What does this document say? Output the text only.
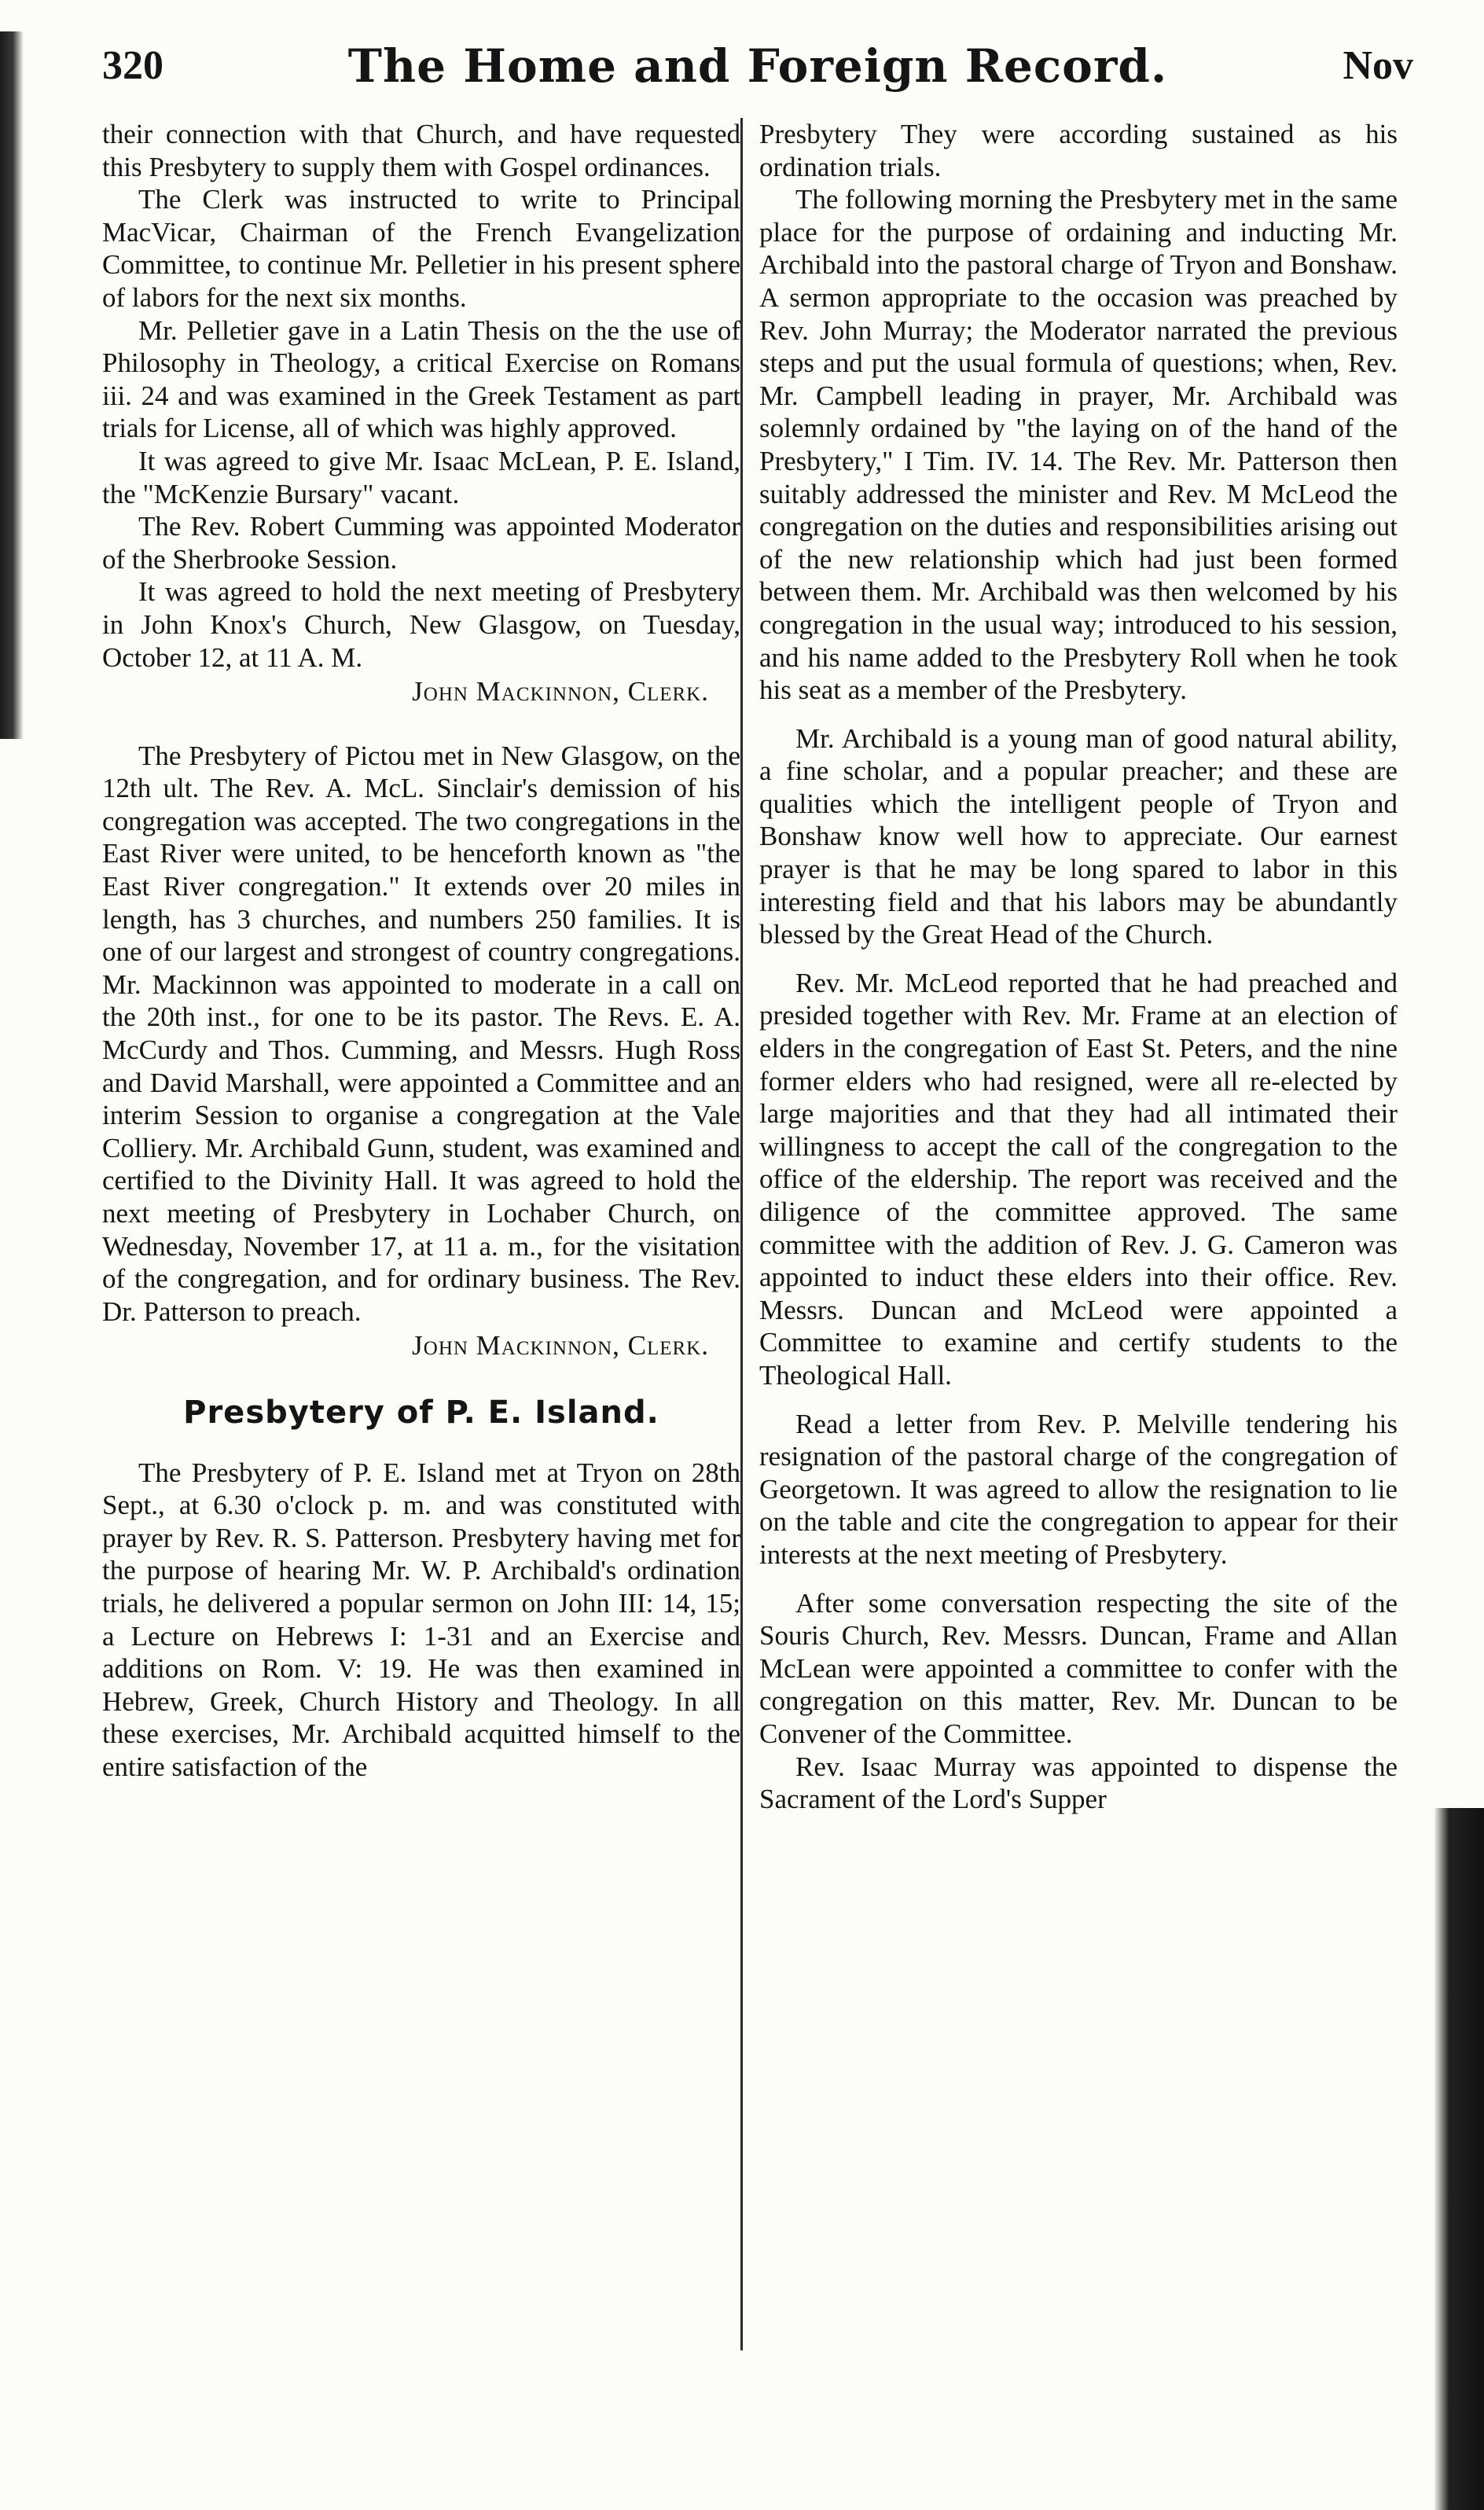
320	The Home and Foreign Record.	Nov

their connection with that Church, and have requested this Presbytery to supply them with Gospel ordinances.

The Clerk was instructed to write to Principal MacVicar, Chairman of the French Evangelization Committee, to continue Mr. Pelletier in his present sphere of labors for the next six months.

Mr. Pelletier gave in a Latin Thesis on the the use of Philosophy in Theology, a critical Exercise on Romans iii. 24 and was examined in the Greek Testament as part trials for License, all of which was highly approved.

It was agreed to give Mr. Isaac McLean, P. E. Island, the "McKenzie Bursary" vacant.

The Rev. Robert Cumming was appointed Moderator of the Sherbrooke Session.

It was agreed to hold the next meeting of Presbytery in John Knox's Church, New Glasgow, on Tuesday, October 12, at 11 A. M.

John Mackinnon, Clerk.

The Presbytery of Pictou met in New Glasgow, on the 12th ult. The Rev. A. McL. Sinclair's demission of his congregation was accepted. The two congregations in the East River were united, to be henceforth known as "the East River congregation." It extends over 20 miles in length, has 3 churches, and numbers 250 families. It is one of our largest and strongest of country congregations. Mr. Mackinnon was appointed to moderate in a call on the 20th inst., for one to be its pastor. The Revs. E. A. McCurdy and Thos. Cumming, and Messrs. Hugh Ross and David Marshall, were appointed a Committee and an interim Session to organise a congregation at the Vale Colliery. Mr. Archibald Gunn, student, was examined and certified to the Divinity Hall. It was agreed to hold the next meeting of Presbytery in Lochaber Church, on Wednesday, November 17, at 11 a. m., for the visitation of the congregation, and for ordinary business. The Rev. Dr. Patterson to preach.

John Mackinnon, Clerk.

Presbytery of P. E. Island.

The Presbytery of P. E. Island met at Tryon on 28th Sept., at 6.30 o'clock p. m. and was constituted with prayer by Rev. R. S. Patterson. Presbytery having met for the purpose of hearing Mr. W. P. Archibald's ordination trials, he delivered a popular sermon on John III: 14, 15; a Lecture on Hebrews I: 1-31 and an Exercise and additions on Rom. V: 19. He was then examined in Hebrew, Greek, Church History and Theology. In all these exercises, Mr. Archibald acquitted himself to the entire satisfaction of the

Presbytery They were according sustained as his ordination trials.

The following morning the Presbytery met in the same place for the purpose of ordaining and inducting Mr. Archibald into the pastoral charge of Tryon and Bonshaw. A sermon appropriate to the occasion was preached by Rev. John Murray; the Moderator narrated the previous steps and put the usual formula of questions; when, Rev. Mr. Campbell leading in prayer, Mr. Archibald was solemnly ordained by "the laying on of the hand of the Presbytery," I Tim. IV. 14. The Rev. Mr. Patterson then suitably addressed the minister and Rev. M McLeod the congregation on the duties and responsibilities arising out of the new relationship which had just been formed between them. Mr. Archibald was then welcomed by his congregation in the usual way; introduced to his session, and his name added to the Presbytery Roll when he took his seat as a member of the Presbytery.

Mr. Archibald is a young man of good natural ability, a fine scholar, and a popular preacher; and these are qualities which the intelligent people of Tryon and Bonshaw know well how to appreciate. Our earnest prayer is that he may be long spared to labor in this interesting field and that his labors may be abundantly blessed by the Great Head of the Church.

Rev. Mr. McLeod reported that he had preached and presided together with Rev. Mr. Frame at an election of elders in the congregation of East St. Peters, and the nine former elders who had resigned, were all re-elected by large majorities and that they had all intimated their willingness to accept the call of the congregation to the office of the eldership. The report was received and the diligence of the committee approved. The same committee with the addition of Rev. J. G. Cameron was appointed to induct these elders into their office. Rev. Messrs. Duncan and McLeod were appointed a Committee to examine and certify students to the Theological Hall.

Read a letter from Rev. P. Melville tendering his resignation of the pastoral charge of the congregation of Georgetown. It was agreed to allow the resignation to lie on the table and cite the congregation to appear for their interests at the next meeting of Presbytery.

After some conversation respecting the site of the Souris Church, Rev. Messrs. Duncan, Frame and Allan McLean were appointed a committee to confer with the congregation on this matter, Rev. Mr. Duncan to be Convener of the Committee.

Rev. Isaac Murray was appointed to dispense the Sacrament of the Lord's Supper
